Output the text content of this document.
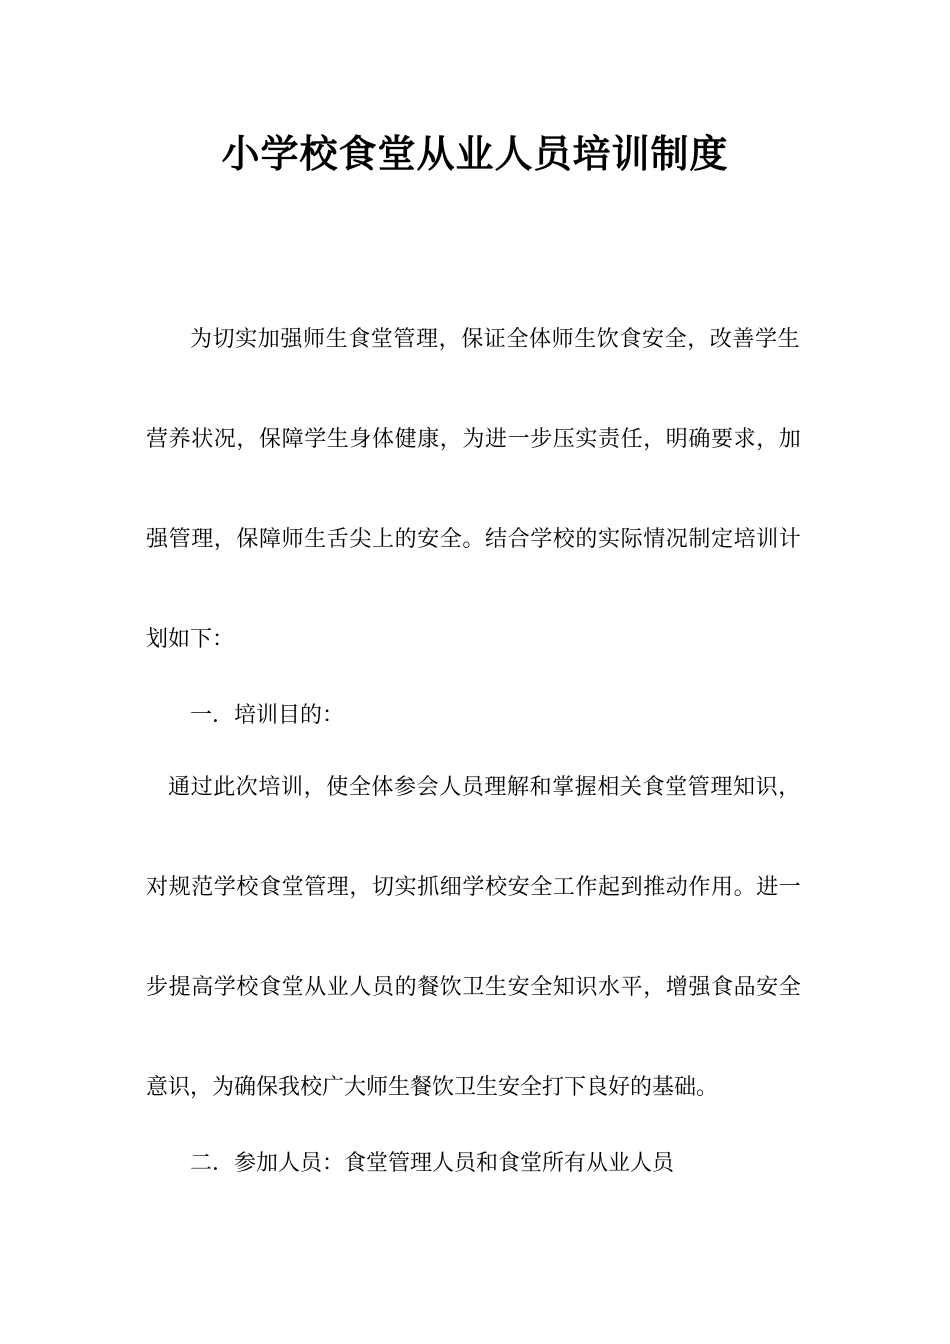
小学校食堂从业人员培训制度
为切实加强师生食堂管理，保证全体师生饮食安全，改善学生
营养状况，保障学生身体健康，为进一步压实责任，明确要求，加
强管理，保障师生舌尖上的安全。结合学校的实际情况制定培训计
划如下：
一．培训目的：
通过此次培训，使全体参会人员理解和掌握相关食堂管理知识，
对规范学校食堂管理，切实抓细学校安全工作起到推动作用。进一
步提高学校食堂从业人员的餐饮卫生安全知识水平，增强食品安全
意识，为确保我校广大师生餐饮卫生安全打下良好的基础。
二．参加人员：食堂管理人员和食堂所有从业人员
